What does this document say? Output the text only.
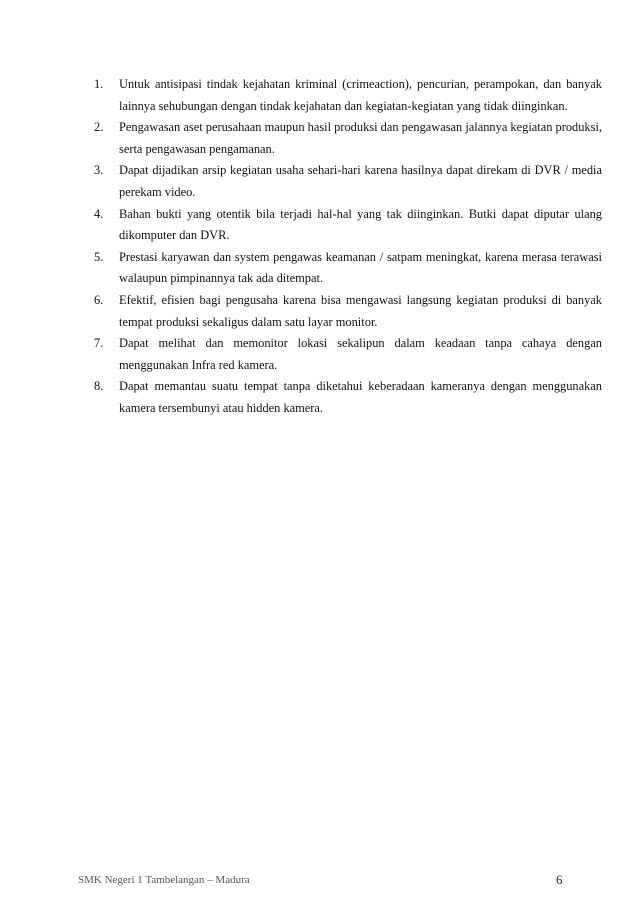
1. Untuk antisipasi tindak kejahatan kriminal (crimeaction), pencurian, perampokan, dan banyak lainnya sehubungan dengan tindak kejahatan dan kegiatan-kegiatan yang tidak diinginkan.
2. Pengawasan aset perusahaan maupun hasil produksi dan pengawasan jalannya kegiatan produksi, serta pengawasan pengamanan.
3. Dapat dijadikan arsip kegiatan usaha sehari-hari karena hasilnya dapat direkam di DVR / media perekam video.
4. Bahan bukti yang otentik bila terjadi hal-hal yang tak diinginkan. Butki dapat diputar ulang dikomputer dan DVR.
5. Prestasi karyawan dan system pengawas keamanan / satpam meningkat, karena merasa terawasi walaupun pimpinannya tak ada ditempat.
6. Efektif, efisien bagi pengusaha karena bisa mengawasi langsung kegiatan produksi di banyak tempat produksi sekaligus dalam satu layar monitor.
7. Dapat melihat dan memonitor lokasi sekalipun dalam keadaan tanpa cahaya dengan menggunakan Infra red kamera.
8. Dapat memantau suatu tempat tanpa diketahui keberadaan kameranya dengan menggunakan kamera tersembunyi atau hidden kamera.
SMK Negeri 1 Tambelangan – Madura	6
